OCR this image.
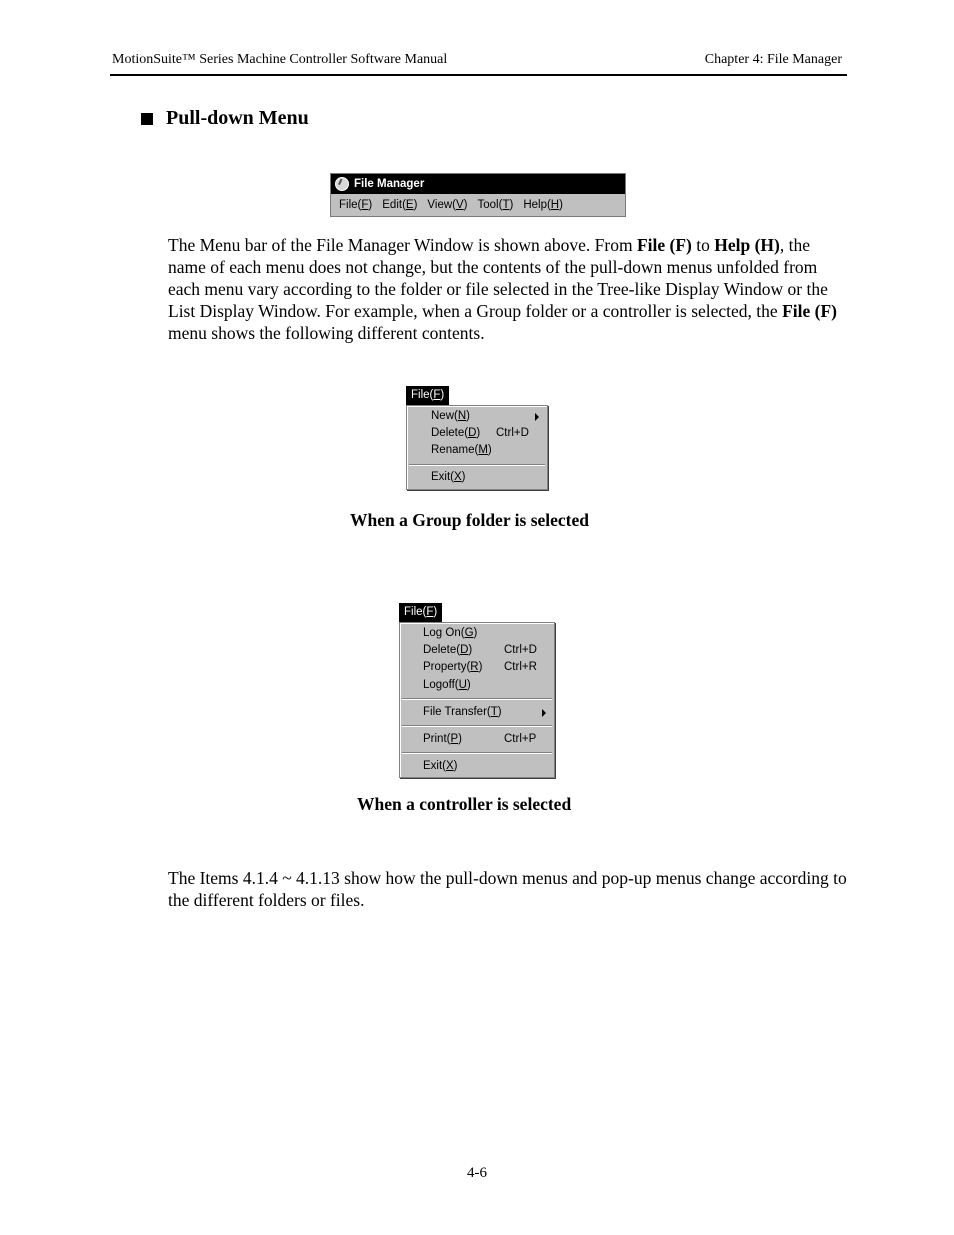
MotionSuite™ Series Machine Controller Software Manual	Chapter 4: File Manager
Pull-down Menu
File Manager
File(F) Edit(E) View(V) Tool(T) Help(H)

The Menu bar of the File Manager Window is shown above. From File (F) to Help (H), the name of each menu does not change, but the contents of the pull-down menus unfolded from each menu vary according to the folder or file selected in the Tree-like Display Window or the List Display Window. For example, when a Group folder or a controller is selected, the File (F) menu shows the following different contents.

File(F)
New(N)
Delete(D) Ctrl+D
Rename(M)
Exit(X)
When a Group folder is selected
File(F)
Log On(G)
Delete(D)	Ctrl+D
Property(R) Ctrl+R
Logoff(U)
File Transfer(T)
Print(P)	Ctrl+P
Exit(X)
When a controller is selected

The Items 4.1.4 ~ 4.1.13 show how the pull-down menus and pop-up menus change according to the different folders or files.

4-6
